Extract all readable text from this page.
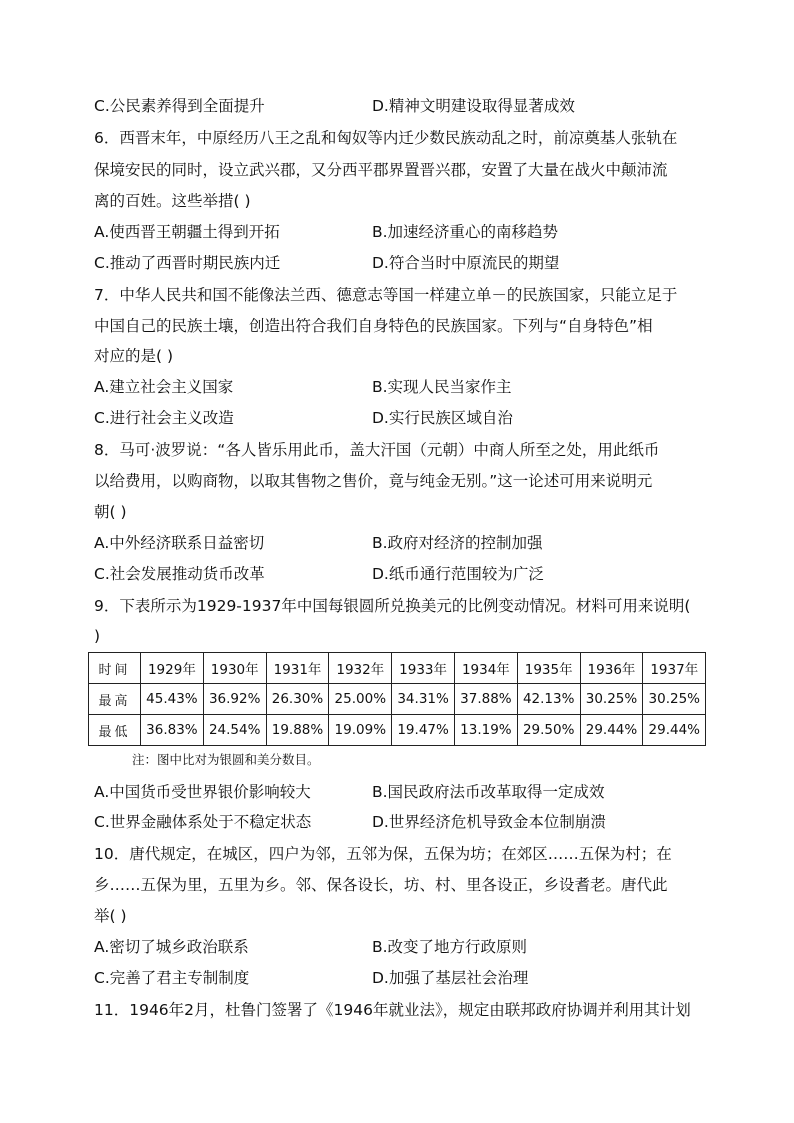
C.公民素养得到全面提升	D.精神文明建设取得显著成效
6．西晋末年，中原经历八王之乱和匈奴等内迁少数民族动乱之时，前凉奠基人张轨在
保境安民的同时，设立武兴郡，又分西平郡界置晋兴郡，安置了大量在战火中颠沛流
离的百姓。这些举措( )
A.使西晋王朝疆土得到开拓	B.加速经济重心的南移趋势
C.推动了西晋时期民族内迁	D.符合当时中原流民的期望
7．中华人民共和国不能像法兰西、德意志等国一样建立单－的民族国家，只能立足于
中国自己的民族土壤，创造出符合我们自身特色的民族国家。下列与“自身特色”相
对应的是( )
A.建立社会主义国家	B.实现人民当家作主
C.进行社会主义改造	D.实行民族区域自治
8．马可·波罗说：“各人皆乐用此币，盖大汗国（元朝）中商人所至之处，用此纸币
以给费用，以购商物，以取其售物之售价，竟与纯金无别。”这一论述可用来说明元
朝( )
A.中外经济联系日益密切	B.政府对经济的控制加强
C.社会发展推动货币改革	D.纸币通行范围较为广泛
9．下表所示为1929-1937年中国每银圆所兑换美元的比例变动情况。材料可用来说明(
)
时间	1929年	1930年	1931年	1932年	1933年	1934年	1935年	1936年	1937年
最高	45.43%	36.92%	26.30%	25.00%	34.31%	37.88%	42.13%	30.25%	30.25%
最低	36.83%	24.54%	19.88%	19.09%	19.47%	13.19%	29.50%	29.44%	29.44%
注：图中比对为银圆和美分数目。
A.中国货币受世界银价影响较大	B.国民政府法币改革取得一定成效
C.世界金融体系处于不稳定状态	D.世界经济危机导致金本位制崩溃
10．唐代规定，在城区，四户为邻，五邻为保，五保为坊；在郊区……五保为村；在
乡……五保为里，五里为乡。邻、保各设长，坊、村、里各设正，乡设耆老。唐代此
举( )
A.密切了城乡政治联系	B.改变了地方行政原则
C.完善了君主专制制度	D.加强了基层社会治理
11．1946年2月，杜鲁门签署了《1946年就业法》，规定由联邦政府协调并利用其计划
